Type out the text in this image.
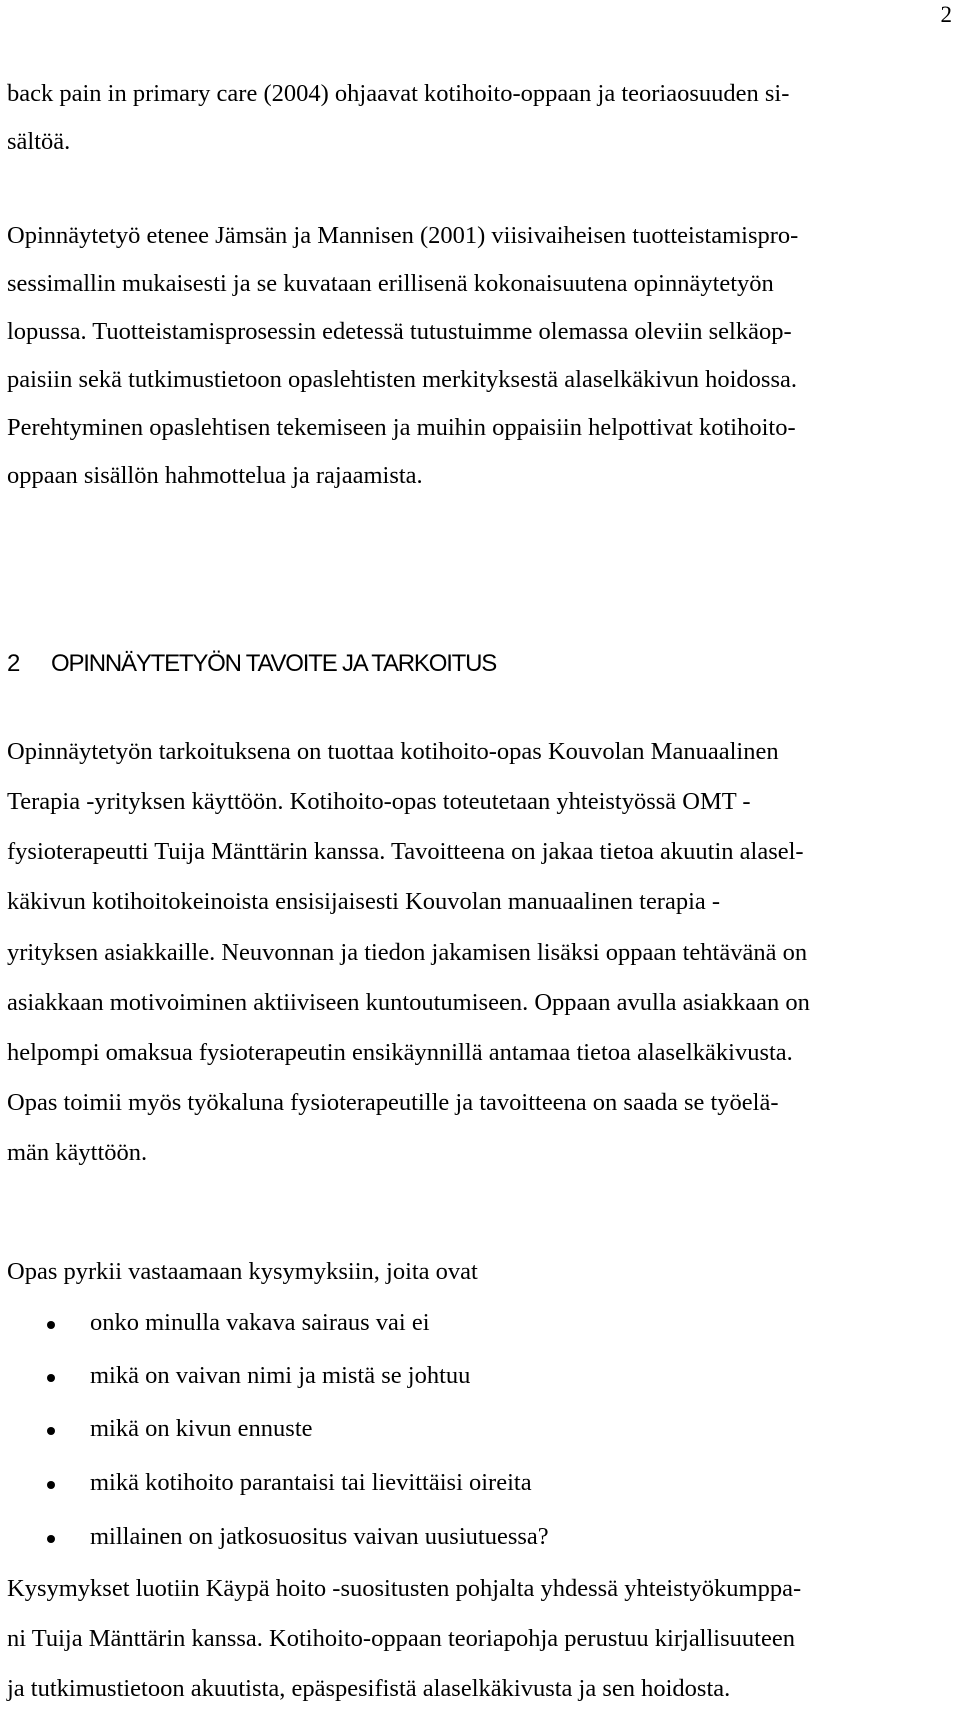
2
back pain in primary care (2004) ohjaavat kotihoito-oppaan ja teoriaosuuden si-
sältöä.
Opinnäytetyö etenee Jämsän ja Mannisen (2001) viisivaiheisen tuotteistamispro-
sessimallin mukaisesti ja se kuvataan erillisenä kokonaisuutena opinnäytetyön
lopussa. Tuotteistamisprosessin edetessä tutustuimme olemassa oleviin selkäop-
paisiin sekä tutkimustietoon opaslehtisten merkityksestä alaselkäkivun hoidossa.
Perehtyminen opaslehtisen tekemiseen ja muihin oppaisiin helpottivat kotihoito-
oppaan sisällön hahmottelua ja rajaamista.
2 OPINNÄYTETYÖN TAVOITE JA TARKOITUS
Opinnäytetyön tarkoituksena on tuottaa kotihoito-opas Kouvolan Manuaalinen
Terapia -yrityksen käyttöön. Kotihoito-opas toteutetaan yhteistyössä OMT -
fysioterapeutti Tuija Mänttärin kanssa. Tavoitteena on jakaa tietoa akuutin alasel-
käkivun kotihoitokeinoista ensisijaisesti Kouvolan manuaalinen terapia -
yrityksen asiakkaille. Neuvonnan ja tiedon jakamisen lisäksi oppaan tehtävänä on
asiakkaan motivoiminen aktiiviseen kuntoutumiseen. Oppaan avulla asiakkaan on
helpompi omaksua fysioterapeutin ensikäynnillä antamaa tietoa alaselkäkivusta.
Opas toimii myös työkaluna fysioterapeutille ja tavoitteena on saada se työelä-
män käyttöön.
Opas pyrkii vastaamaan kysymyksiin, joita ovat
onko minulla vakava sairaus vai ei
mikä on vaivan nimi ja mistä se johtuu
mikä on kivun ennuste
mikä kotihoito parantaisi tai lievittäisi oireita
millainen on jatkosuositus vaivan uusiutuessa?
Kysymykset luotiin Käypä hoito -suositusten pohjalta yhdessä yhteistyökumppa-
ni Tuija Mänttärin kanssa. Kotihoito-oppaan teoriapohja perustuu kirjallisuuteen
ja tutkimustietoon akuutista, epäspesifistä alaselkäkivusta ja sen hoidosta.
